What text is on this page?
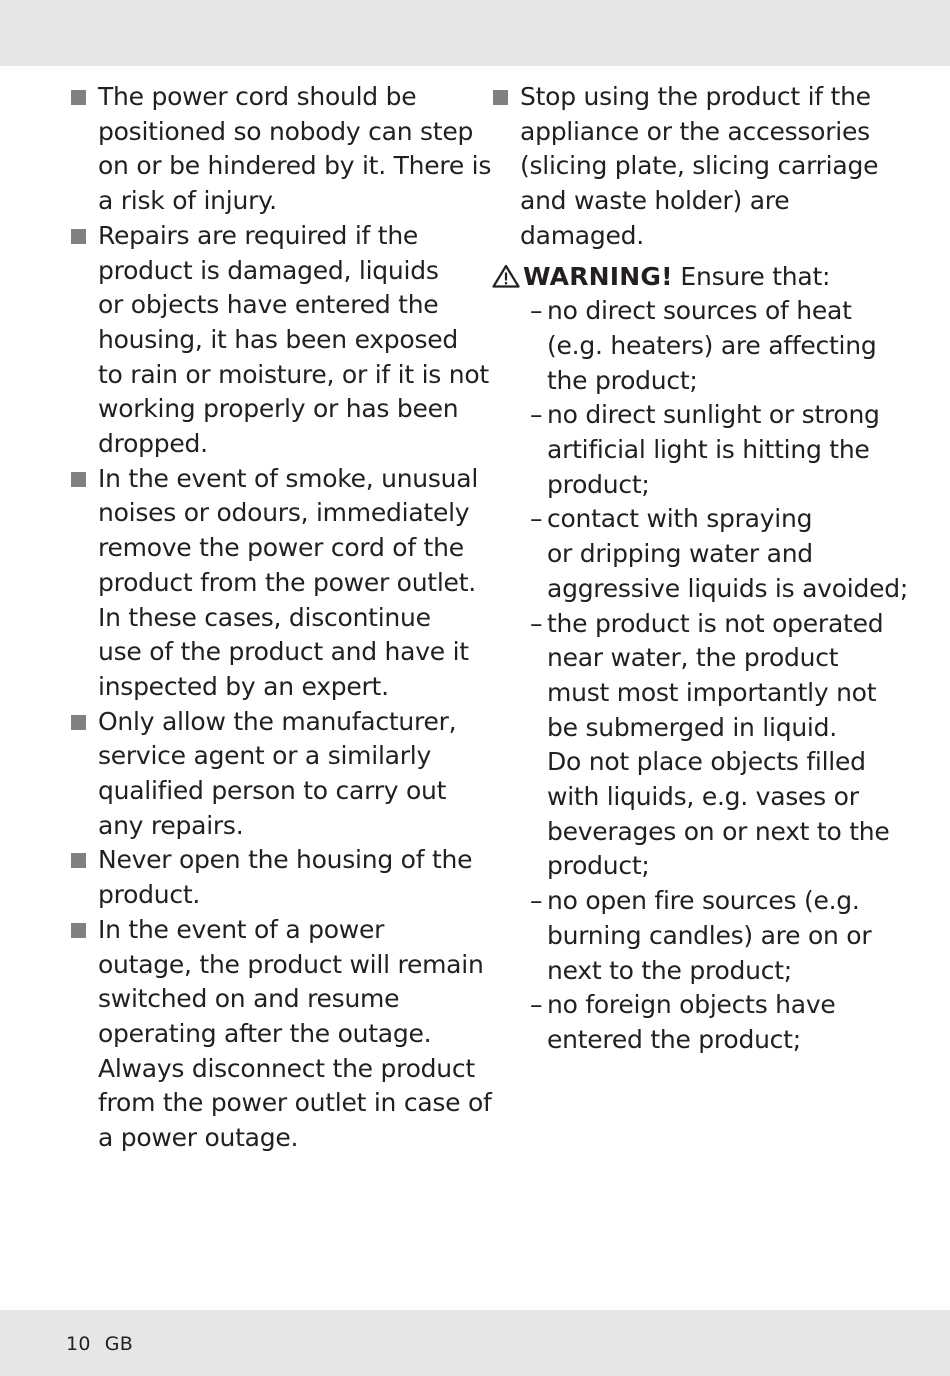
The power cord should be
positioned so nobody can step
on or be hindered by it. There is
a risk of injury.
Repairs are required if the
product is damaged, liquids
or objects have entered the
housing, it has been exposed
to rain or moisture, or if it is not
working properly or has been
dropped.
In the event of smoke, unusual
noises or odours, immediately
remove the power cord of the
product from the power outlet.
In these cases, discontinue
use of the product and have it
inspected by an expert.
Only allow the manufacturer,
service agent or a similarly
qualified person to carry out
any repairs.
Never open the housing of the
product.
In the event of a power
outage, the product will remain
switched on and resume
operating after the outage.
Always disconnect the product
from the power outlet in case of
a power outage.
Stop using the product if the
appliance or the accessories
(slicing plate, slicing carriage
and waste holder) are
damaged.
WARNING! Ensure that:
– no direct sources of heat
(e.g. heaters) are affecting
the product;
– no direct sunlight or strong
artificial light is hitting the
product;
– contact with spraying
or dripping water and
aggressive liquids is avoided;
– the product is not operated
near water, the product
must most importantly not
be submerged in liquid.
Do not place objects filled
with liquids, e.g. vases or
beverages on or next to the
product;
– no open fire sources (e.g.
burning candles) are on or
next to the product;
– no foreign objects have
entered the product;
10 GB
